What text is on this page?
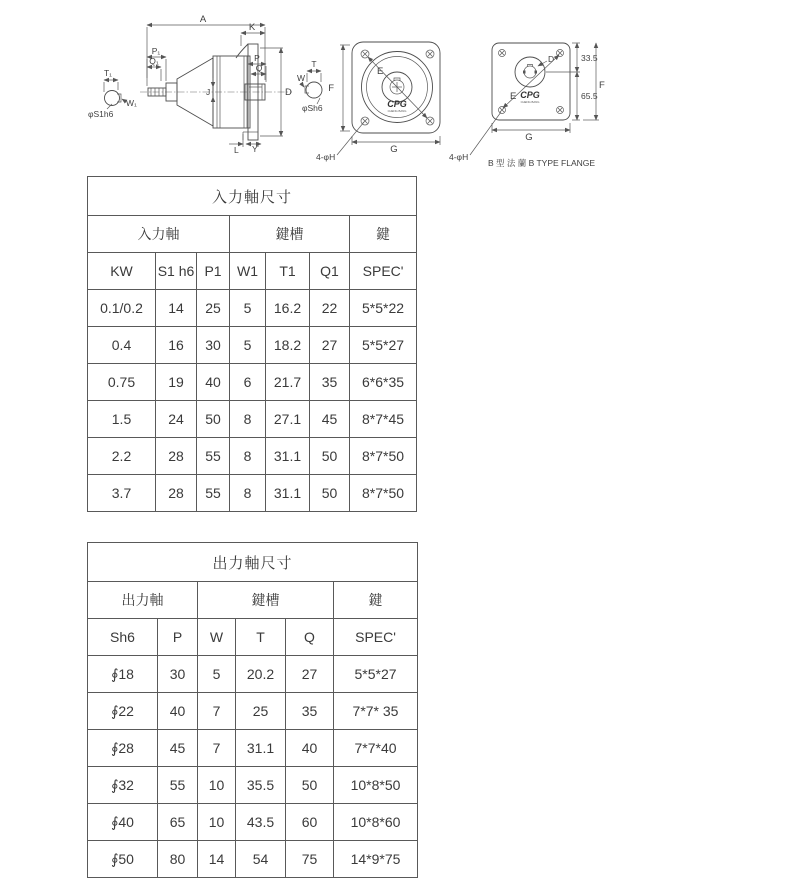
A
K
P₁
Q₁
T₁
W₁
φS1h6
P
Q
J	D
L Y
W
T
φSh6
E
F
G
4-φH
CPG
CHENG BANG
D
E
33.5
65.5
F
G
4-φH
B 型 法 蘭 B TYPE FLANGE
CPG
CHENG BANG
入力軸尺寸						
入力軸			鍵槽			鍵
KW	S1 h6	P1	W1	T1	Q1	SPEC'
0.1/0.2	14	25	5	16.2	22	5*5*22
0.4	16	30	5	18.2	27	5*5*27
0.75	19	40	6	21.7	35	6*6*35
1.5	24	50	8	27.1	45	8*7*45
2.2	28	55	8	31.1	50	8*7*50
3.7	28	55	8	31.1	50	8*7*50
出力軸尺寸					
出力軸		鍵槽			鍵
Sh6	P	W	T	Q	SPEC'
∮18	30	5	20.2	27	5*5*27
∮22	40	7	25	35	7*7* 35
∮28	45	7	31.1	40	7*7*40
∮32	55	10	35.5	50	10*8*50
∮40	65	10	43.5	60	10*8*60
∮50	80	14	54	75	14*9*75
